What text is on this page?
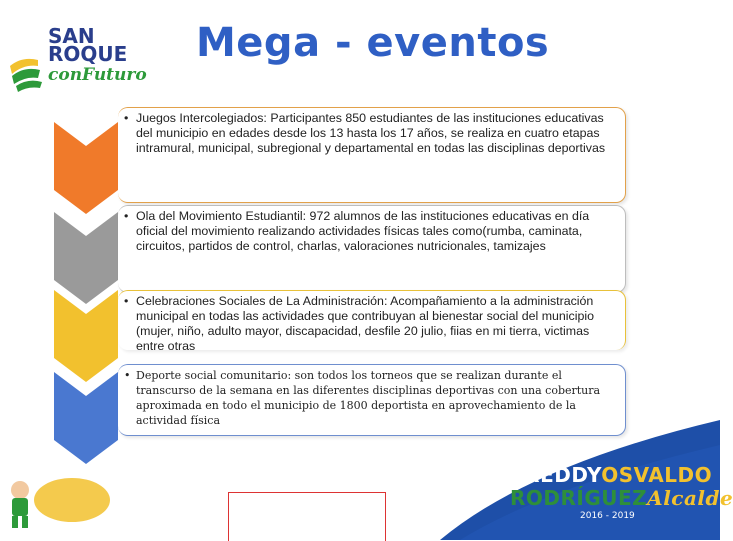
SAN
ROQUE
conFuturo
Mega - eventos
• Juegos Intercolegiados: Participantes 850 estudiantes de las instituciones educativas del municipio en edades desde los 13 hasta los 17 años, se realiza en cuatro etapas intramural, municipal, subregional y departamental en todas las disciplinas deportivas
• Ola del Movimiento Estudiantil: 972 alumnos de las instituciones educativas en día oficial del movimiento realizando actividades físicas tales como(rumba, caminata, circuitos, partidos de control, charlas, valoraciones nutricionales, tamizajes
• Celebraciones Sociales de La Administración: Acompañamiento a la administración municipal en todas las actividades que contribuyan al bienestar social del municipio (mujer, niño, adulto mayor, discapacidad, desfile 20 julio, fiias en mi tierra, victimas entre otras
• Deporte social comunitario: son todos los torneos que se realizan durante el transcurso de la semana en las diferentes disciplinas deportivas con una cobertura aproximada en todo el municipio de 1800 deportista en aprovechamiento de la actividad física
FREDDYOSVALDO
RODRÍGUEZAlcalde
2016 - 2019
